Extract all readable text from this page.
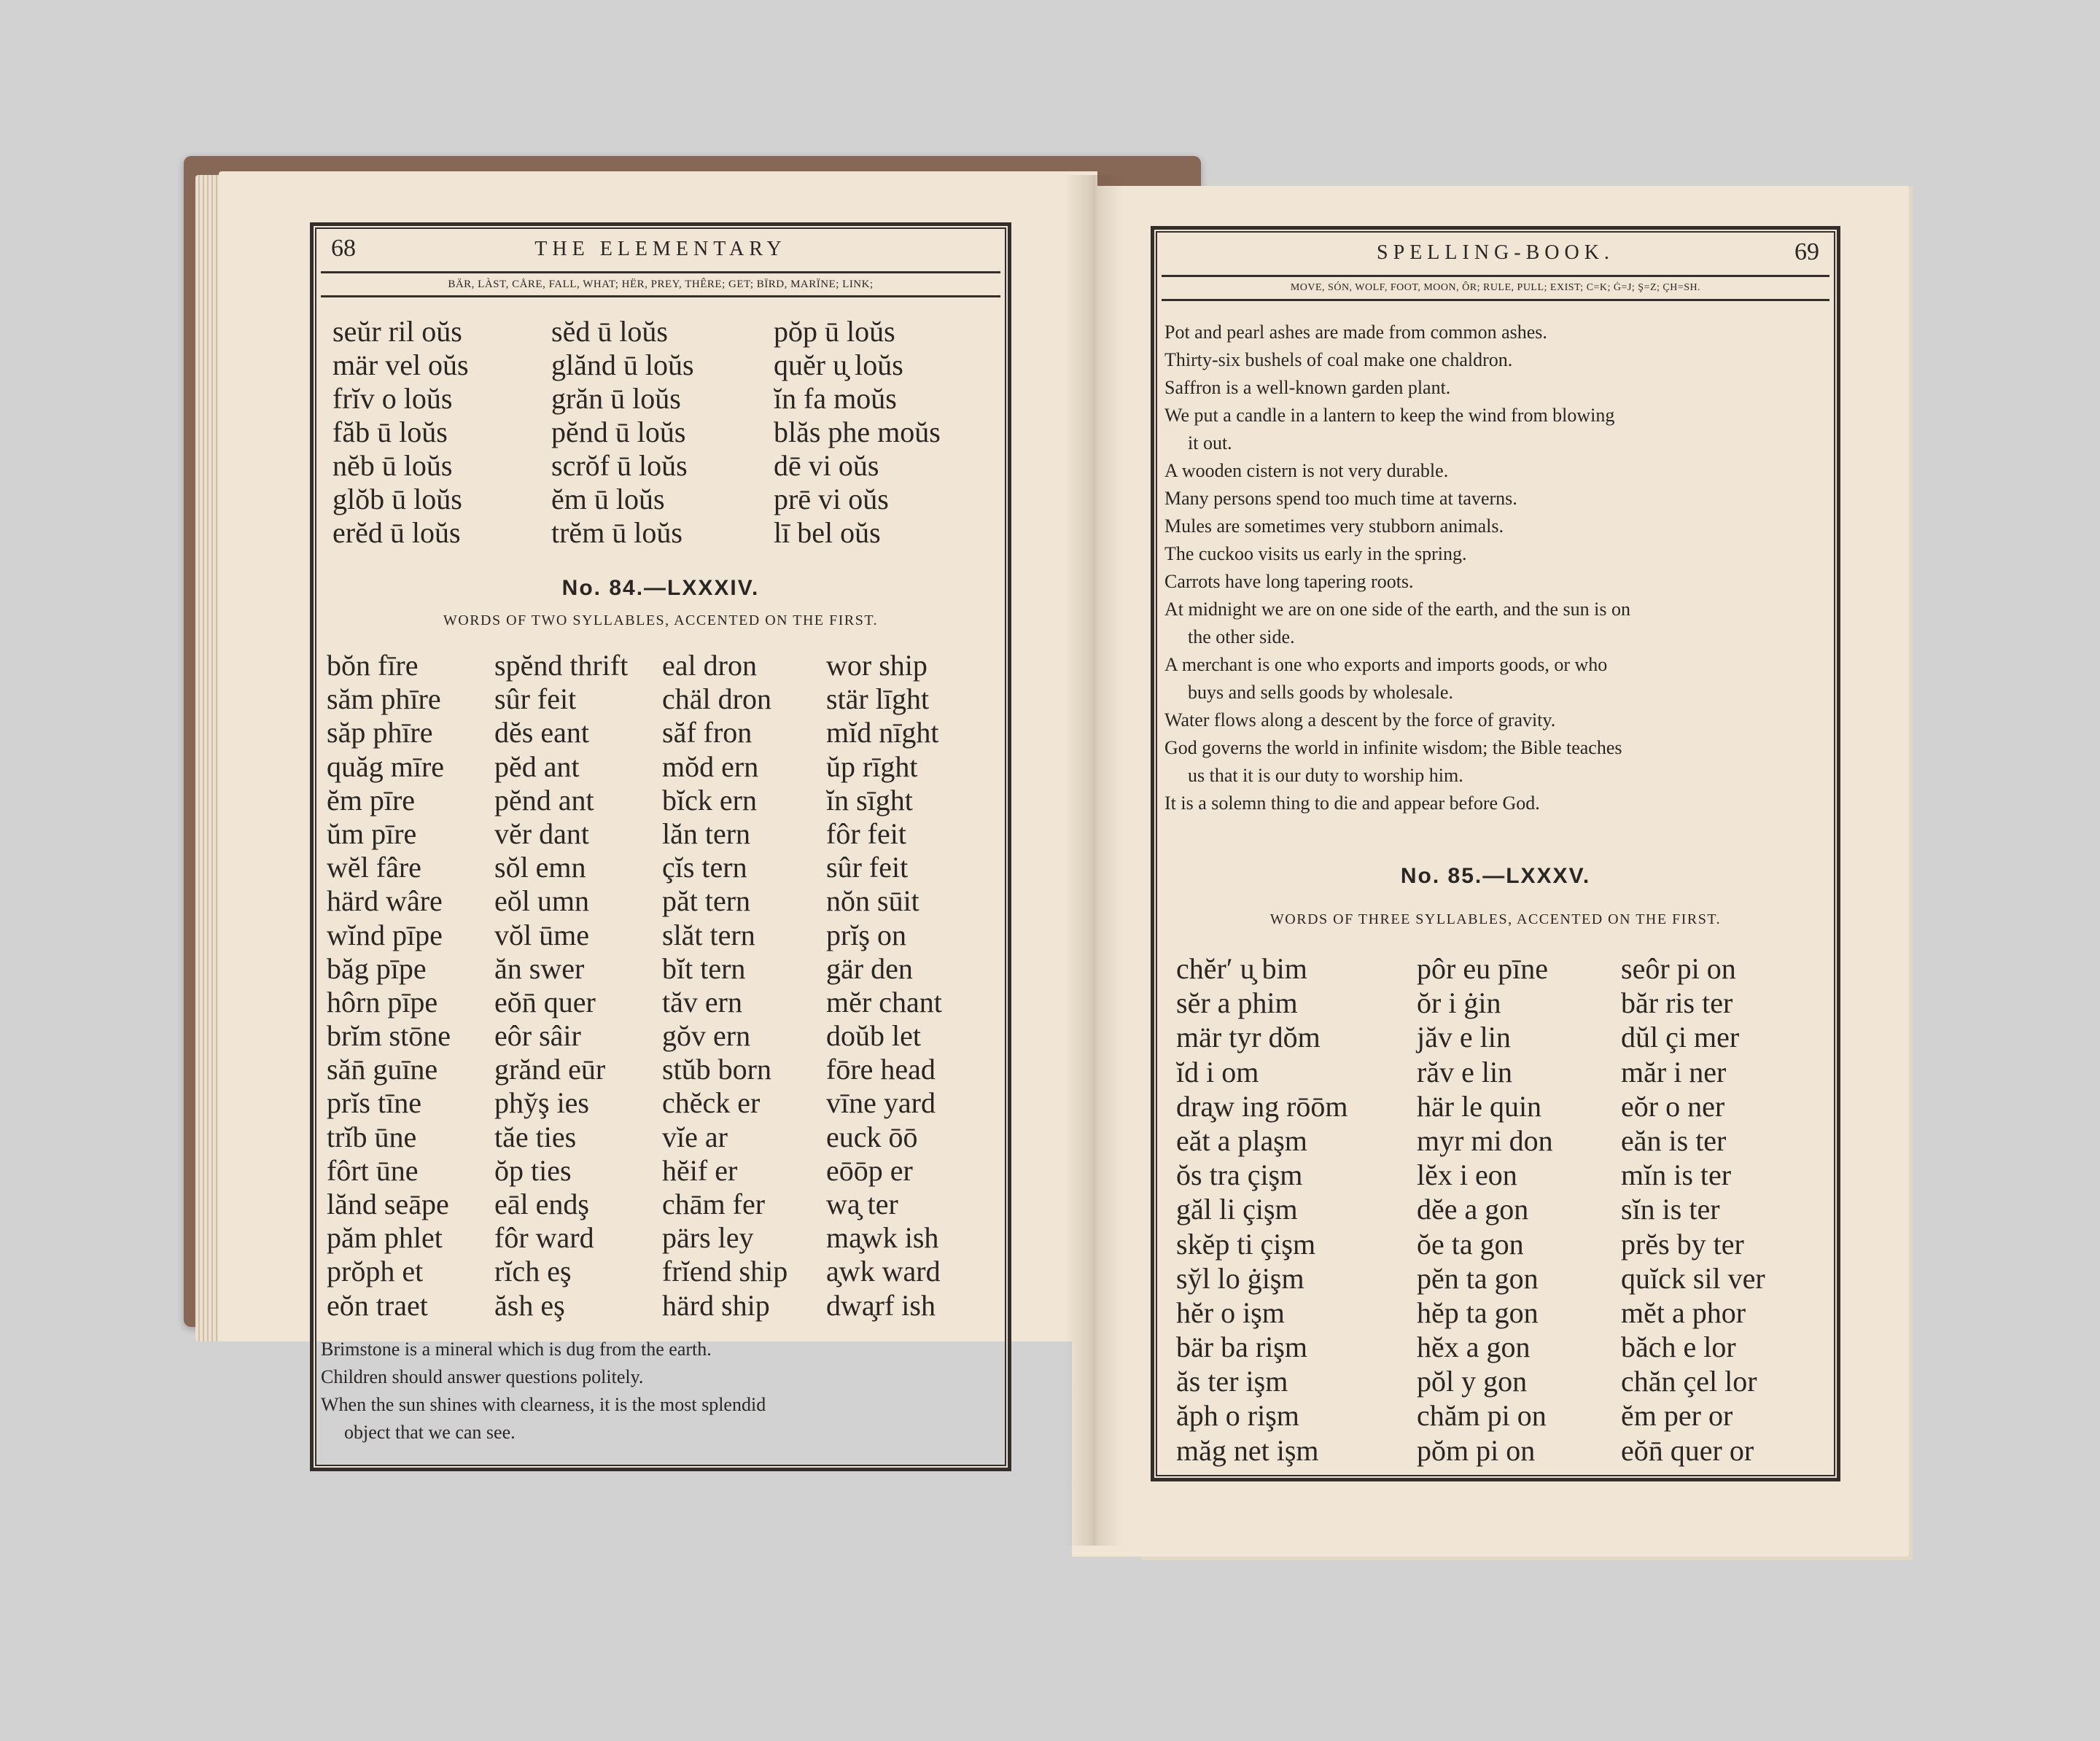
68	THE ELEMENTARY
BÄR, LÀST, CÅRE, FALL, WHAT; HËR, PREY, THÊRE; GET; BÏRD, MARÏNE; LINK;
seŭr ril oŭs	sĕd ū loŭs	pŏp ū loŭs
mär vel oŭs	glănd ū loŭs	quĕr u̧ loŭs
frĭv o loŭs	grăn ū loŭs	ĭn fa moŭs
făb ū loŭs	pĕnd ū loŭs	blăs phe moŭs
nĕb ū loŭs	scrŏf ū loŭs	dē vi oŭs
glŏb ū loŭs	ĕm ū loŭs	prē vi oŭs
erĕd ū loŭs	trĕm ū loŭs	lī bel oŭs
No. 84.—LXXXIV.
WORDS OF TWO SYLLABLES, ACCENTED ON THE FIRST.
bŏn fīre	spĕnd thrift	eal dron	wor ship
săm phīre	sûr feit	chäl dron	stär līght
săp phīre	dĕs eant	săf fron	mĭd nīght
quăg mīre	pĕd ant	mŏd ern	ŭp rīght
ĕm pīre	pĕnd ant	bĭck ern	ĭn sīght
ŭm pīre	vĕr dant	lăn tern	fôr feit
wĕl fâre	sŏl emn	çĭs tern	sûr feit
härd wâre	eŏl umn	păt tern	nŏn sūit
wĭnd pīpe	vŏl ūme	slăt tern	prĭş on
băg pīpe	ăn swer	bĭt tern	gär den
hôrn pīpe	eŏn̄ quer	tăv ern	mĕr chant
brĭm stōne	eôr sâir	gŏv ern	doŭb let
săn̄ guīne	grănd eūr	stŭb born	fōre head
prĭs tīne	phy̆ş ies	chĕck er	vīne yard
trĭb ūne	tăe ties	vĭe ar	euck ōō
fôrt ūne	ŏp ties	hĕif er	eōōp er
lănd seāpe	eāl endş	chām fer	wa̧ ter
păm phlet	fôr ward	pärs ley	ma̧wk ish
prŏph et	rĭch eş	frĭend ship	a̧wk ward
eŏn traet	ăsh eş	härd ship	dwa̧rf ish
Brimstone is a mineral which is dug from the earth.
Children should answer questions politely.
When the sun shines with clearness, it is the most splendid
object that we can see.
SPELLING-BOOK.	69
MOVE, SÓN, WOLF, FOOT, MOON, ÔR; RULE, PULL; EXIST; C=K; Ġ=J; Ş=Z; ÇH=SH.
Pot and pearl ashes are made from common ashes.
Thirty-six bushels of coal make one chaldron.
Saffron is a well-known garden plant.
We put a candle in a lantern to keep the wind from blowing
it out.
A wooden cistern is not very durable.
Many persons spend too much time at taverns.
Mules are sometimes very stubborn animals.
The cuckoo visits us early in the spring.
Carrots have long tapering roots.
At midnight we are on one side of the earth, and the sun is on
the other side.
A merchant is one who exports and imports goods, or who
buys and sells goods by wholesale.
Water flows along a descent by the force of gravity.
God governs the world in infinite wisdom; the Bible teaches
us that it is our duty to worship him.
It is a solemn thing to die and appear before God.
No. 85.—LXXXV.
WORDS OF THREE SYLLABLES, ACCENTED ON THE FIRST.
chĕr′ u̧ bim	pôr eu pīne	seôr pi on
sĕr a phim	ŏr i ġin	băr ris ter
mär tyr dŏm	jăv e lin	dŭl çi mer
ĭd i om	răv e lin	măr i ner
dra̧w ing rōōm	här le quin	eŏr o ner
eăt a plaşm	myr mi don	eăn is ter
ŏs tra çişm	lĕx i eon	mĭn is ter
găl li çişm	dĕe a gon	sĭn is ter
skĕp ti çişm	ŏe ta gon	prĕs by ter
sy̆l lo ġişm	pĕn ta gon	quĭck sil ver
hĕr o işm	hĕp ta gon	mĕt a phor
bär ba rişm	hĕx a gon	băch e lor
ăs ter işm	pŏl y gon	chăn çel lor
ăph o rişm	chăm pi on	ĕm per or
măg net işm	pŏm pi on	eŏn̄ quer or
